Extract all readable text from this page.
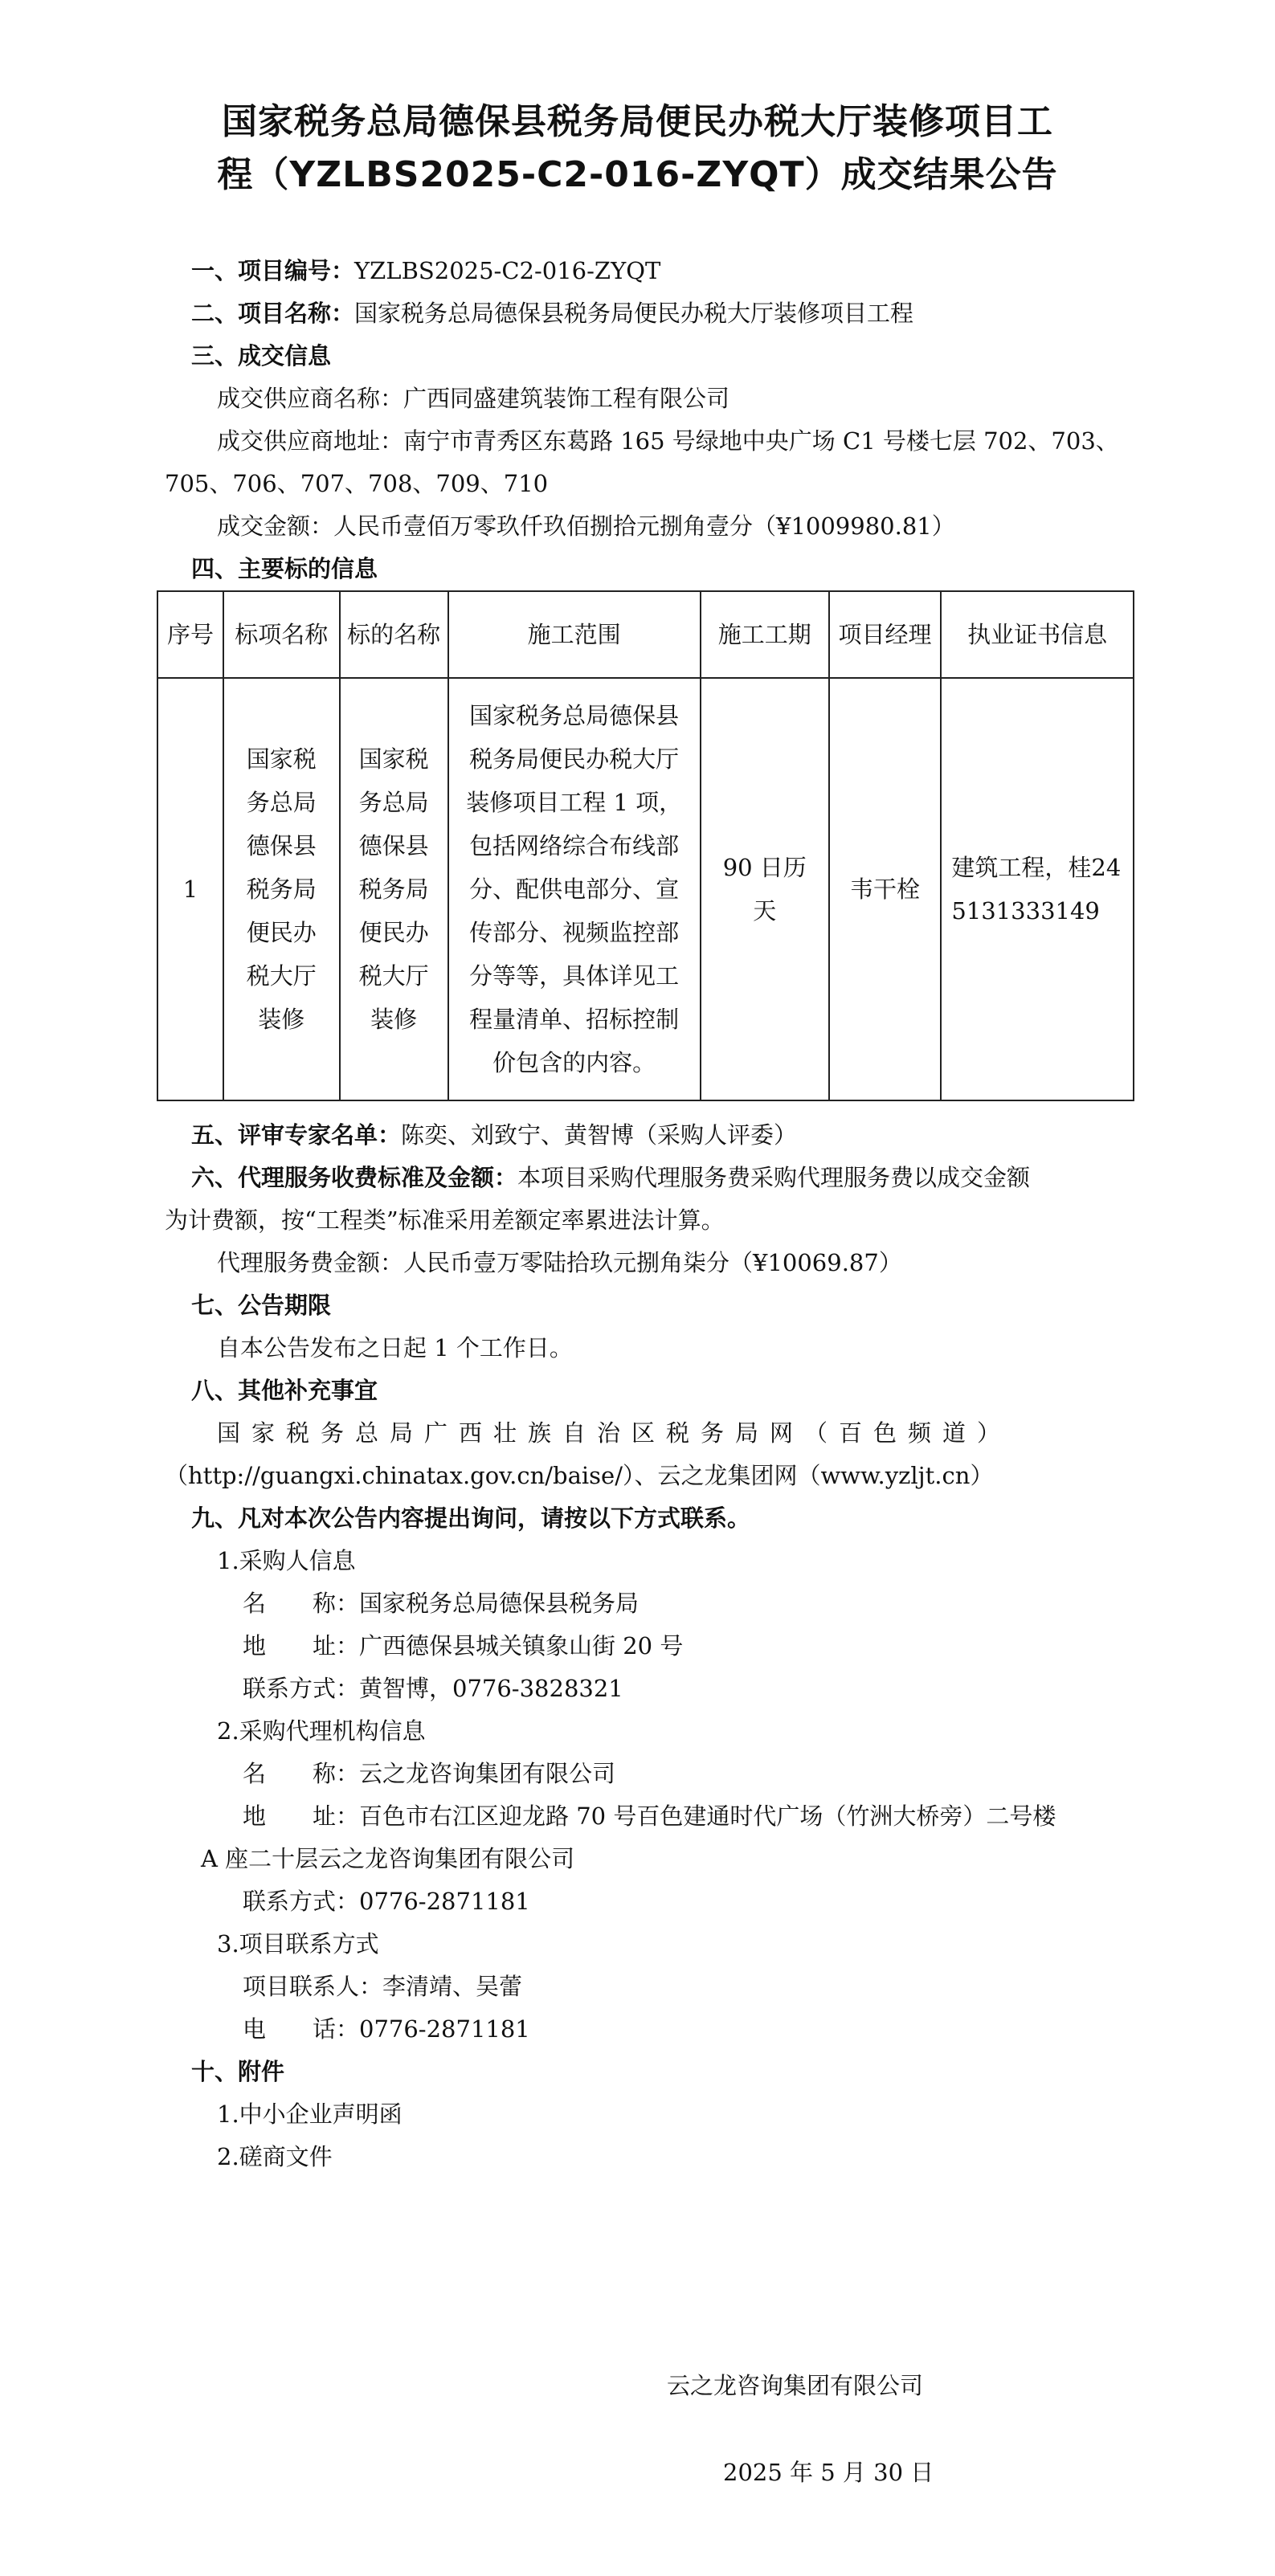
国家税务总局德保县税务局便民办税大厅装修项目工
程（YZLBS2025-C2-016-ZYQT）成交结果公告
一、项目编号：YZLBS2025-C2-016-ZYQT
二、项目名称：国家税务总局德保县税务局便民办税大厅装修项目工程
三、成交信息
成交供应商名称：广西同盛建筑装饰工程有限公司
成交供应商地址：南宁市青秀区东葛路 165 号绿地中央广场 C1 号楼七层 702、703、
705、706、707、708、709、710
成交金额：人民币壹佰万零玖仟玖佰捌拾元捌角壹分（¥1009980.81）
四、主要标的信息
序号	标项名称	标的名称	施工范围	施工工期	项目经理	执业证书信息
1	国家税务总局德保县税务局便民办税大厅装修	国家税务总局德保县税务局便民办税大厅装修	国家税务总局德保县税务局便民办税大厅装修项目工程 1 项，包括网络综合布线部分、配供电部分、宣传部分、视频监控部分等等，具体详见工程量清单、招标控制价包含的内容。	90 日历天	韦干栓	建筑工程，桂245131333149
五、评审专家名单：陈奕、刘致宁、黄智博（采购人评委）
六、代理服务收费标准及金额：本项目采购代理服务费采购代理服务费以成交金额
为计费额，按“工程类”标准采用差额定率累进法计算。
代理服务费金额：人民币壹万零陆拾玖元捌角柒分（¥10069.87）
七、公告期限
自本公告发布之日起 1 个工作日。
八、其他补充事宜
国家税务总局广西壮族自治区税务局网（百色频道）
（http://guangxi.chinatax.gov.cn/baise/）、云之龙集团网（www.yzljt.cn）
九、凡对本次公告内容提出询问，请按以下方式联系。
1.采购人信息
名　　称：国家税务总局德保县税务局
地　　址：广西德保县城关镇象山街 20 号
联系方式：黄智博，0776-3828321
2.采购代理机构信息
名　　称：云之龙咨询集团有限公司
地　　址：百色市右江区迎龙路 70 号百色建通时代广场（竹洲大桥旁）二号楼
A 座二十层云之龙咨询集团有限公司
联系方式：0776-2871181
3.项目联系方式
项目联系人：李清靖、吴蕾
电　　话：0776-2871181
十、附件
1.中小企业声明函
2.磋商文件
云之龙咨询集团有限公司
2025 年 5 月 30 日
